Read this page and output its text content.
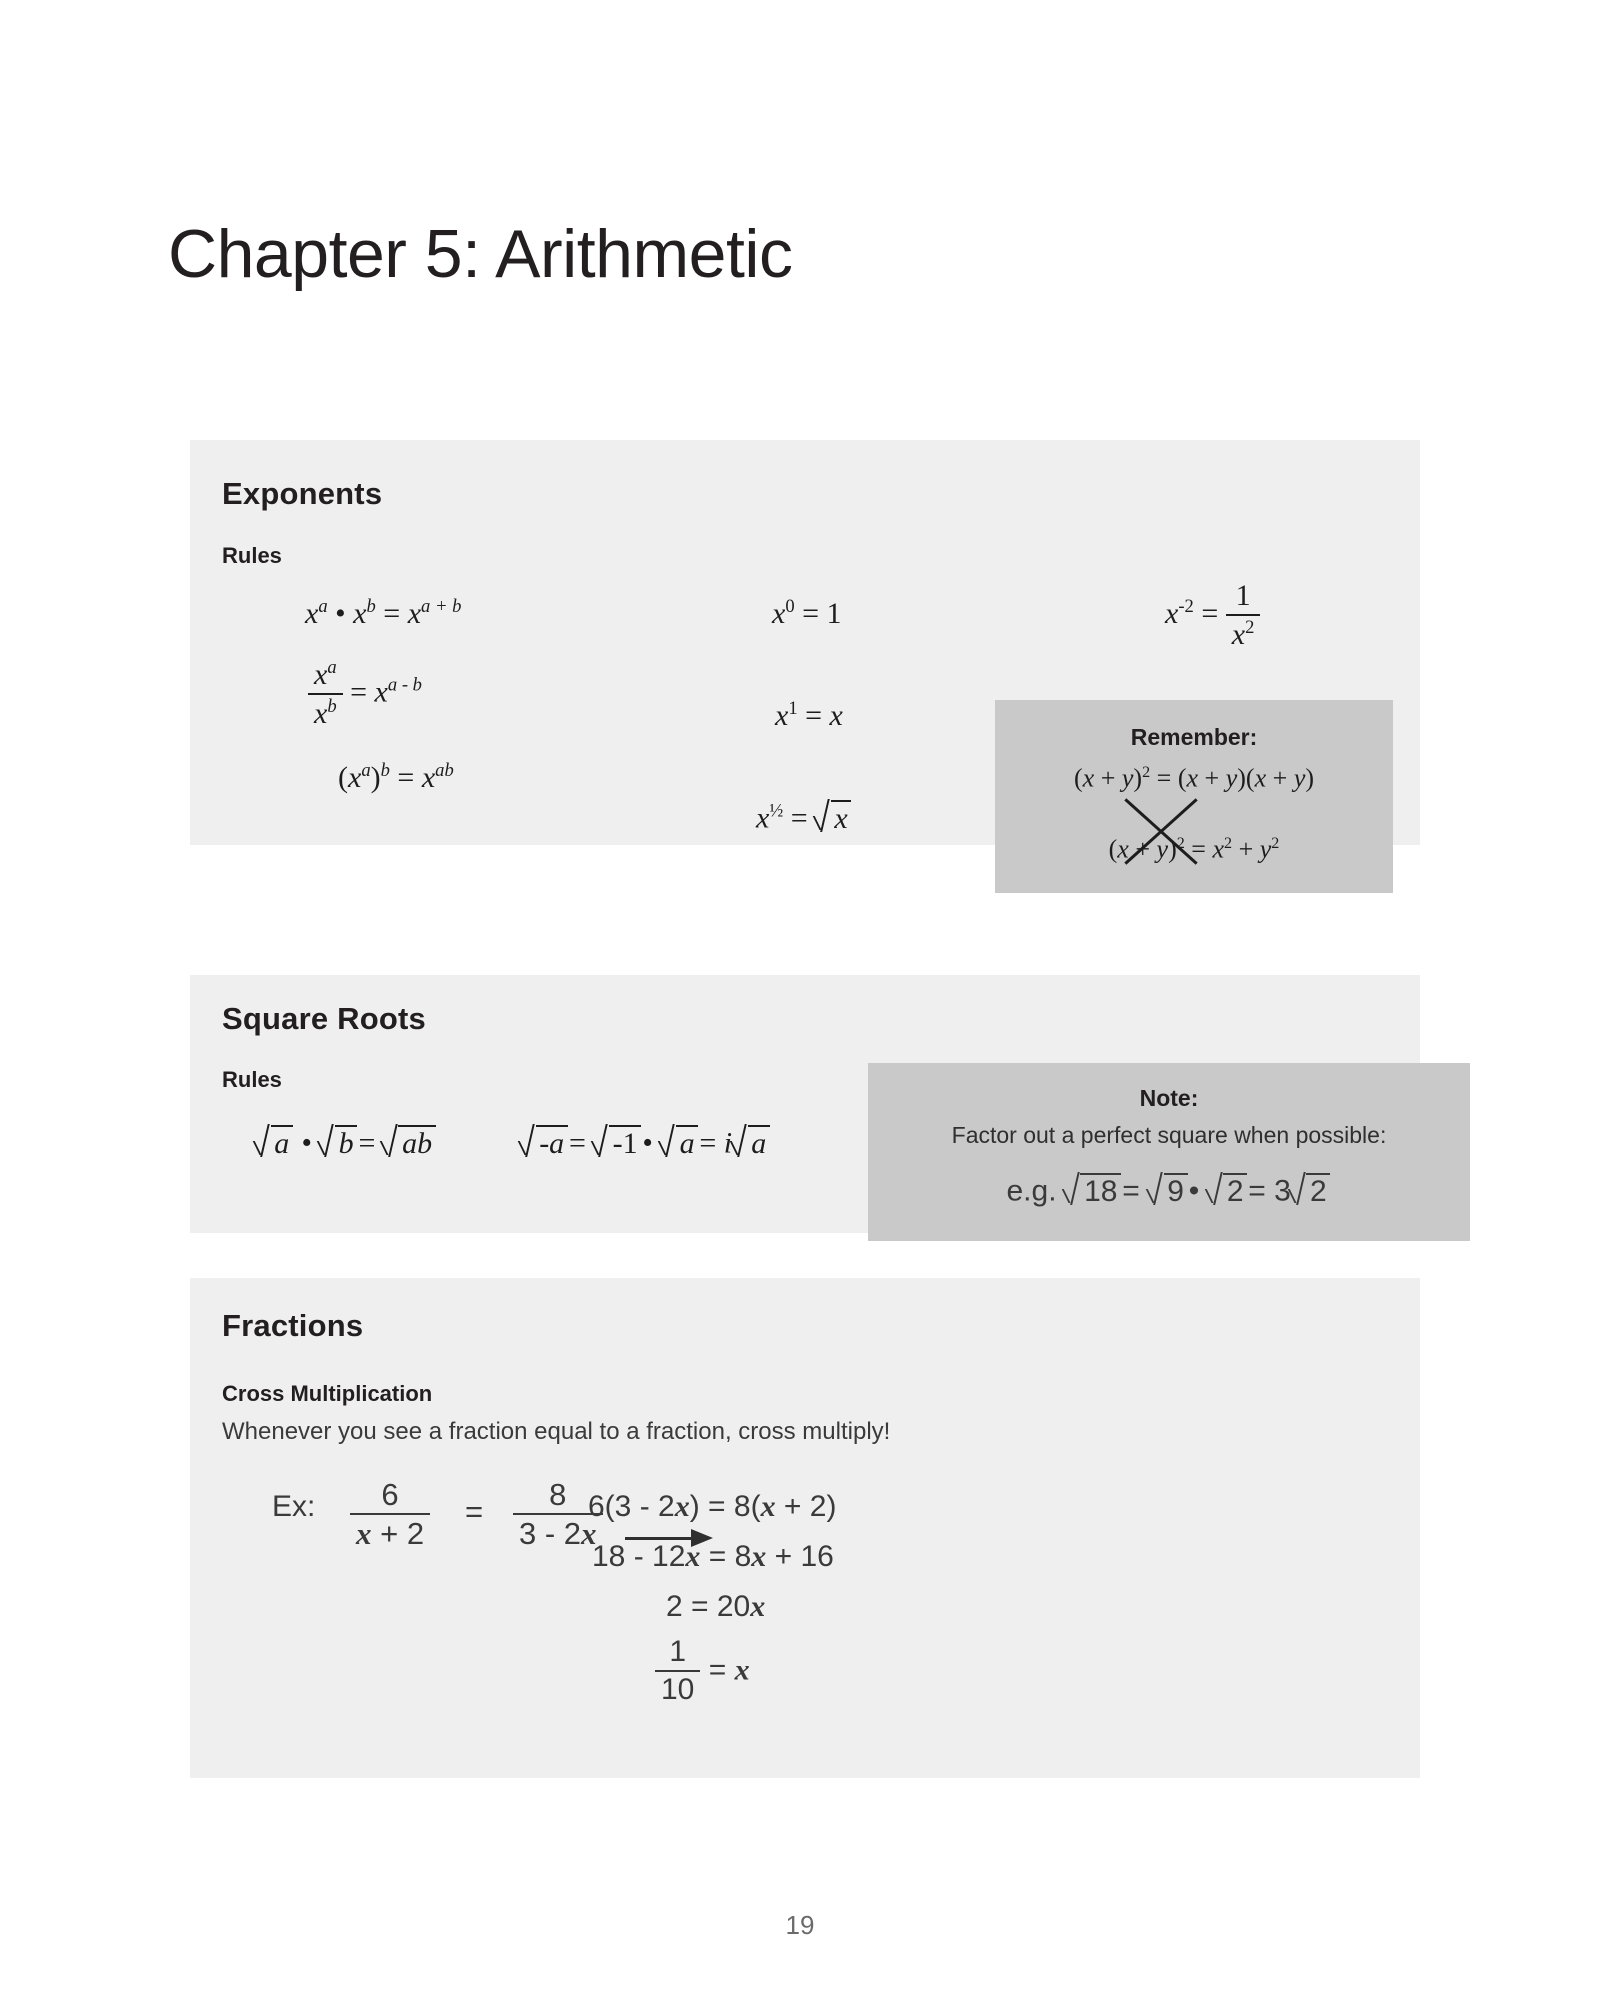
Chapter 5: Arithmetic
Exponents
Rules
$x^a$ • $x^b = x^{a + b}$
$\frac{x^a}{x^b} = x^{a - b}$
$(x^a)^b = x^{ab}$
$x^0 = 1$
$x^1 = x$
$x^{\frac{1}{2}} = x$
$x^{-2} = \frac{1}{x^2}$
Remember:
$(x + y)^2 = (x + y)(x + y)$
$(x + y)^2 = x^2 + y^2$
Square Roots
Rules
a • b = ab	-a = -1 • a = i a
Note:
Factor out a perfect square when possible:
e.g. 18 = 9 • 2 = 3 2
Fractions
Cross Multiplication
Whenever you see a fraction equal to a fraction, cross multiply!
Ex: $\frac{6}{x + 2} = \frac{8}{3 - 2x}$
6(3 - 2x) = 8(x + 2)
18 - 12x = 8x + 16
2 = 20x
$\frac{1}{10} = x$
19
